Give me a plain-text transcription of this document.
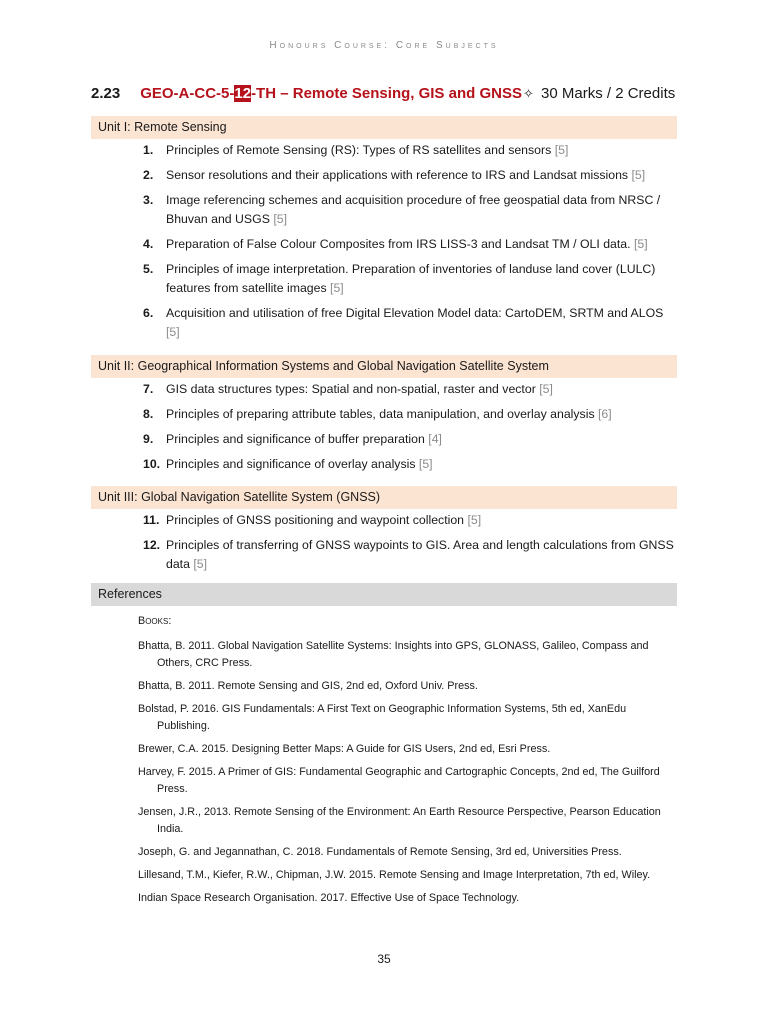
Honours Course: Core Subjects
2.23 GEO-A-CC-5-12-TH – Remote Sensing, GIS and GNSS✧ 30 Marks / 2 Credits
Unit I: Remote Sensing
1. Principles of Remote Sensing (RS): Types of RS satellites and sensors [5]
2. Sensor resolutions and their applications with reference to IRS and Landsat missions [5]
3. Image referencing schemes and acquisition procedure of free geospatial data from NRSC / Bhuvan and USGS [5]
4. Preparation of False Colour Composites from IRS LISS-3 and Landsat TM / OLI data. [5]
5. Principles of image interpretation. Preparation of inventories of landuse land cover (LULC) features from satellite images [5]
6. Acquisition and utilisation of free Digital Elevation Model data: CartoDEM, SRTM and ALOS [5]
Unit II: Geographical Information Systems and Global Navigation Satellite System
7. GIS data structures types: Spatial and non-spatial, raster and vector [5]
8. Principles of preparing attribute tables, data manipulation, and overlay analysis [6]
9. Principles and significance of buffer preparation [4]
10. Principles and significance of overlay analysis [5]
Unit III: Global Navigation Satellite System (GNSS)
11. Principles of GNSS positioning and waypoint collection [5]
12. Principles of transferring of GNSS waypoints to GIS. Area and length calculations from GNSS data [5]
References
Books:
Bhatta, B. 2011. Global Navigation Satellite Systems: Insights into GPS, GLONASS, Galileo, Compass and Others, CRC Press.
Bhatta, B. 2011. Remote Sensing and GIS, 2nd ed, Oxford Univ. Press.
Bolstad, P. 2016. GIS Fundamentals: A First Text on Geographic Information Systems, 5th ed, XanEdu Publishing.
Brewer, C.A. 2015. Designing Better Maps: A Guide for GIS Users, 2nd ed, Esri Press.
Harvey, F. 2015. A Primer of GIS: Fundamental Geographic and Cartographic Concepts, 2nd ed, The Guilford Press.
Jensen, J.R., 2013. Remote Sensing of the Environment: An Earth Resource Perspective, Pearson Education India.
Joseph, G. and Jegannathan, C. 2018. Fundamentals of Remote Sensing, 3rd ed, Universities Press.
Lillesand, T.M., Kiefer, R.W., Chipman, J.W. 2015. Remote Sensing and Image Interpretation, 7th ed, Wiley.
Indian Space Research Organisation. 2017. Effective Use of Space Technology.
35
